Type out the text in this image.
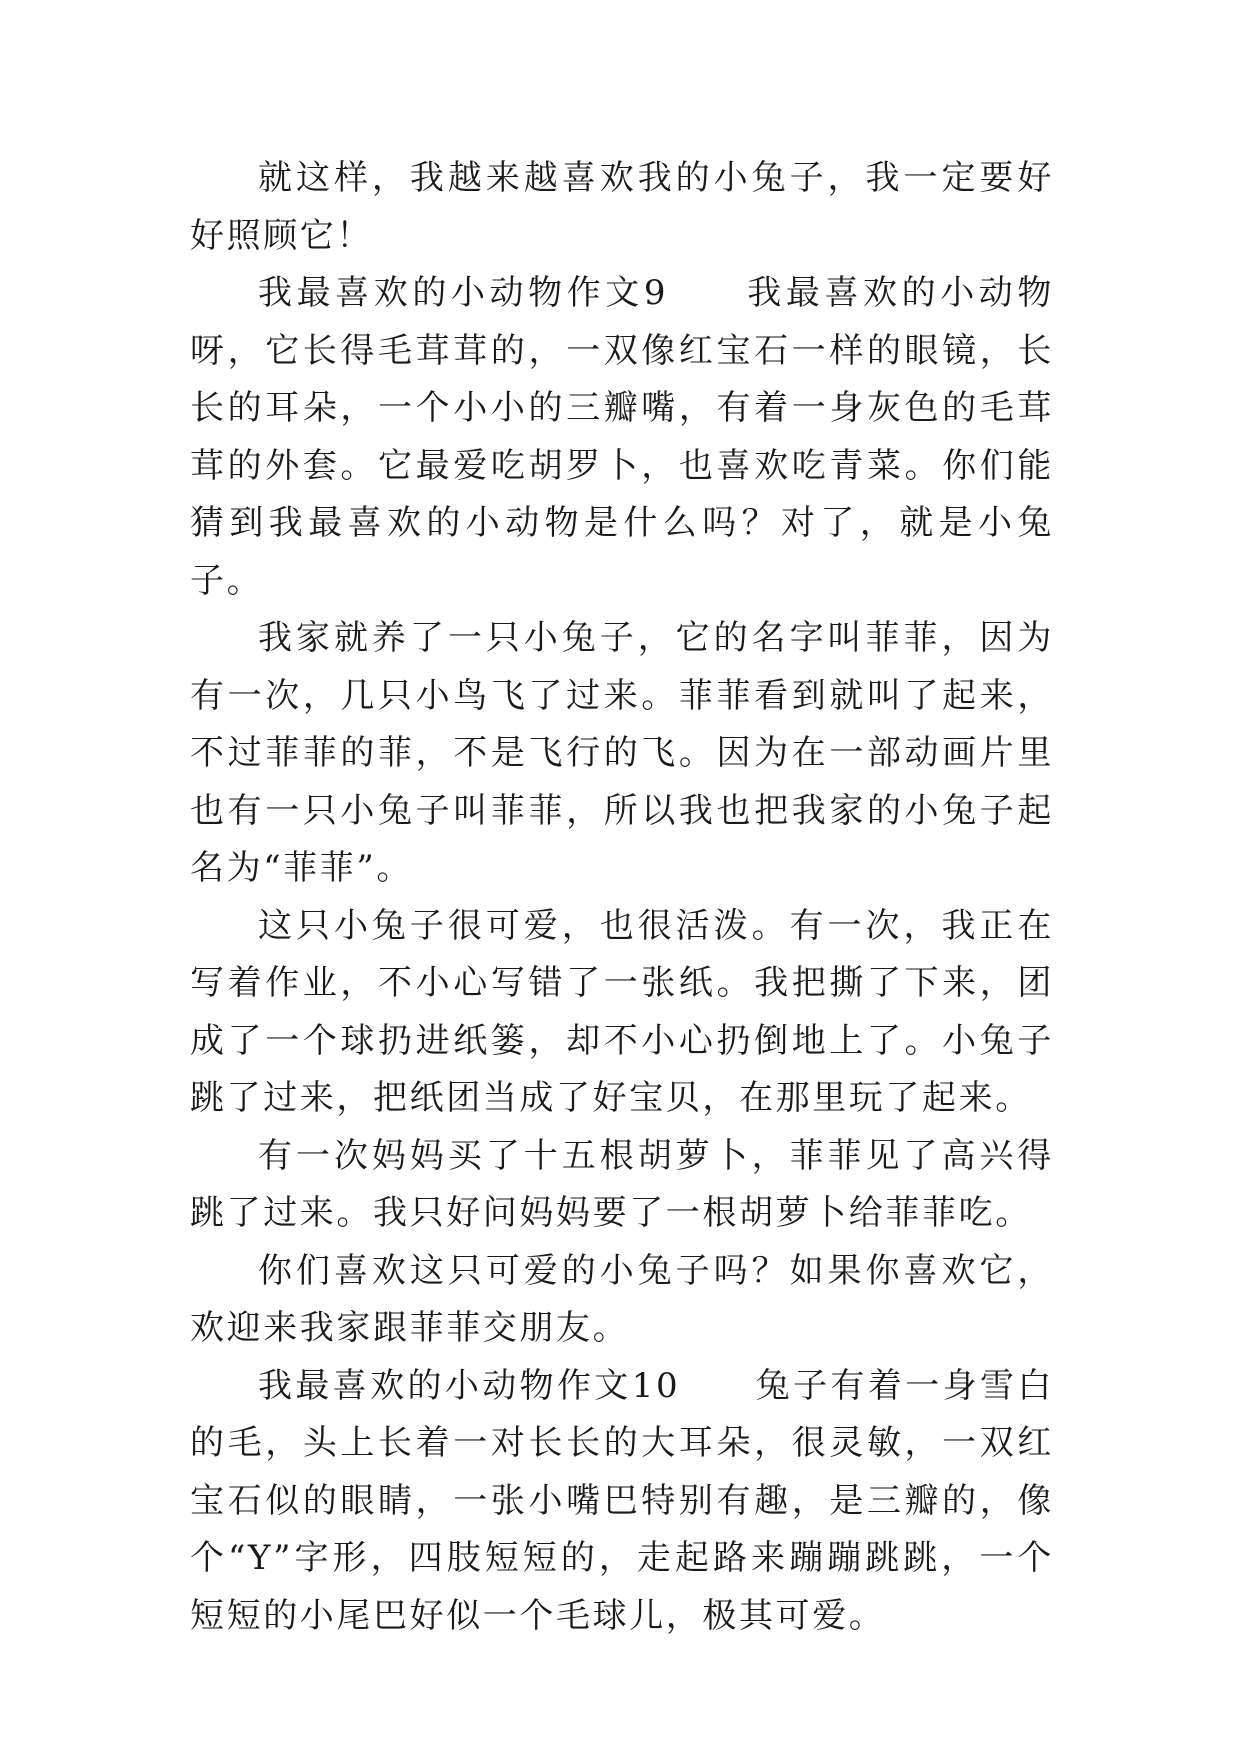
就这样，我越来越喜欢我的小兔子，我一定要好好照顾它！

我最喜欢的小动物作文9　　我最喜欢的小动物呀，它长得毛茸茸的，一双像红宝石一样的眼镜，长长的耳朵，一个小小的三瓣嘴，有着一身灰色的毛茸茸的外套。它最爱吃胡罗卜，也喜欢吃青菜。你们能猜到我最喜欢的小动物是什么吗？对了，就是小兔子。

我家就养了一只小兔子，它的名字叫菲菲，因为有一次，几只小鸟飞了过来。菲菲看到就叫了起来，不过菲菲的菲，不是飞行的飞。因为在一部动画片里也有一只小兔子叫菲菲，所以我也把我家的小兔子起名为“菲菲”。

这只小兔子很可爱，也很活泼。有一次，我正在写着作业，不小心写错了一张纸。我把撕了下来，团成了一个球扔进纸篓，却不小心扔倒地上了。小兔子跳了过来，把纸团当成了好宝贝，在那里玩了起来。

有一次妈妈买了十五根胡萝卜，菲菲见了高兴得跳了过来。我只好问妈妈要了一根胡萝卜给菲菲吃。

你们喜欢这只可爱的小兔子吗？如果你喜欢它，欢迎来我家跟菲菲交朋友。

我最喜欢的小动物作文10　　兔子有着一身雪白的毛，头上长着一对长长的大耳朵，很灵敏，一双红宝石似的眼睛，一张小嘴巴特别有趣，是三瓣的，像个“Y”字形，四肢短短的，走起路来蹦蹦跳跳，一个短短的小尾巴好似一个毛球儿，极其可爱。
